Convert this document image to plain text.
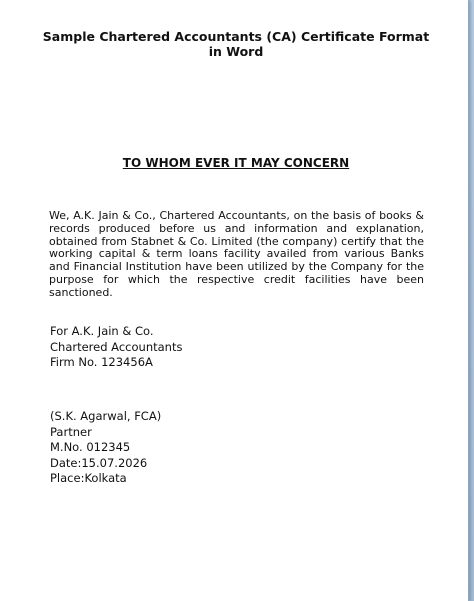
Sample Chartered Accountants (CA) Certificate Format in Word
TO WHOM EVER IT MAY CONCERN

We, A.K. Jain & Co., Chartered Accountants, on the basis of books & records produced before us and information and explanation, obtained from Stabnet & Co. Limited (the company) certify that the working capital & term loans facility availed from various Banks and Financial Institution have been utilized by the Company for the purpose for which the respective credit facilities have been sanctioned.

For A.K. Jain & Co.
Chartered Accountants
Firm No. 123456A
(S.K. Agarwal, FCA)
Partner
M.No. 012345
Date:15.07.2026
Place:Kolkata
